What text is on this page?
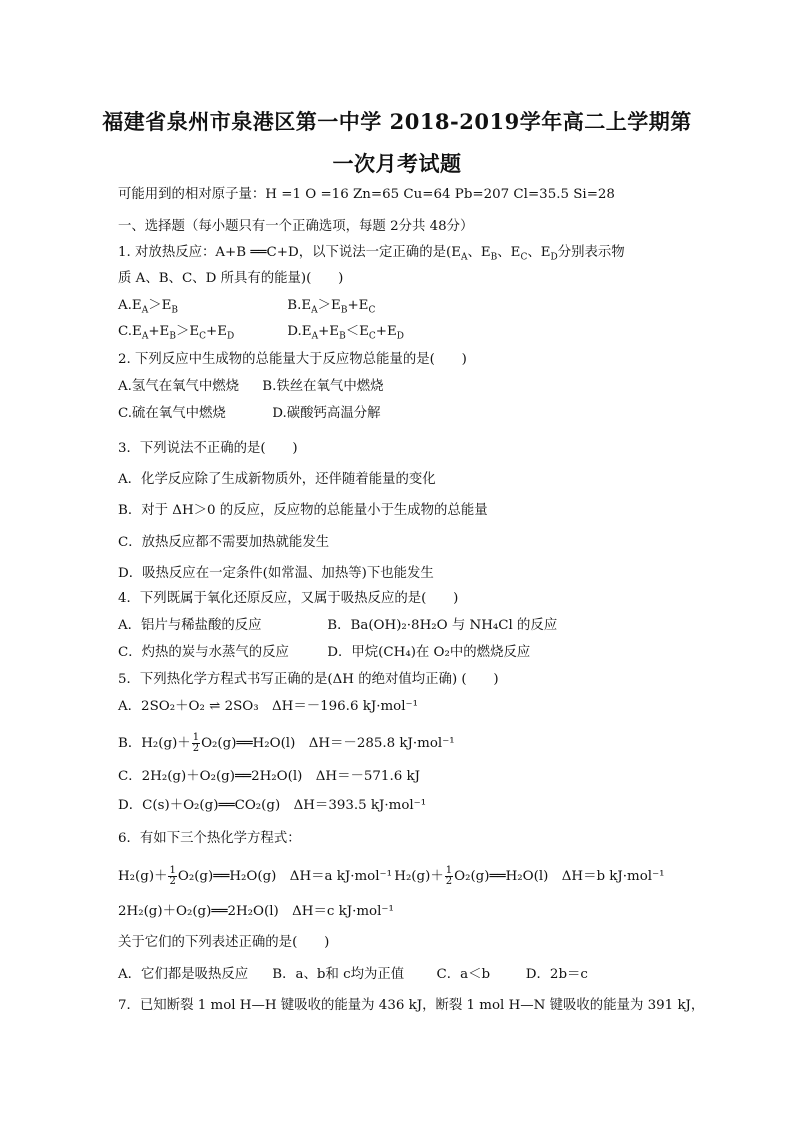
福建省泉州市泉港区第一中学 2018-2019学年高二上学期第
一次月考试题
可能用到的相对原子量：H =1 O =16 Zn=65 Cu=64 Pb=207 Cl=35.5 Si=28
一、选择题（每小题只有一个正确选项，每题 2分共 48分）
1. 对放热反应：A+B ══C+D，以下说法一定正确的是($E_A$、$E_B$、$E_C$、$E_D$分别表示物
质 A、B、C、D 所具有的能量)(　　)
$A.E_A>E_B$	$B.E_A>E_B+E_C$
$C.E_A+E_B>E_C+E_D$	$D.E_A+E_B<E_C+E_D$
2. 下列反应中生成物的总能量大于反应物总能量的是(　　)
A.氢气在氧气中燃烧 B.铁丝在氧气中燃烧
C.硫在氧气中燃烧	D.碳酸钙高温分解
3．下列说法不正确的是(　　)
A．化学反应除了生成新物质外，还伴随着能量的变化
B．对于 ΔH＞0 的反应，反应物的总能量小于生成物的总能量
C．放热反应都不需要加热就能发生
D．吸热反应在一定条件(如常温、加热等)下也能发生
4．下列既属于氧化还原反应，又属于吸热反应的是(　　)
A．铝片与稀盐酸的反应	B．Ba(OH)₂·8H₂O 与 NH₄Cl 的反应
C．灼热的炭与水蒸气的反应	D．甲烷(CH₄)在 O₂中的燃烧反应
5．下列热化学方程式书写正确的是(ΔH 的绝对值均正确) (　　)
A．2SO₂＋O₂ ⇌ 2SO₃　ΔH＝－196.6 kJ·mol⁻¹
B．$H_2(g)+ \frac{1}{2}$ O₂(g)══H₂O(l)　ΔH＝－285.8 kJ·mol⁻¹
C．2H₂(g)＋O₂(g)══2H₂O(l)　ΔH＝－571.6 kJ
D．C(s)＋O₂(g)══CO₂(g)　ΔH＝393.5 kJ·mol⁻¹
6．有如下三个热化学方程式：
$H_2(g)+ \frac{1}{2}$ O₂(g)══H₂O(g)　ΔH＝a kJ·mol⁻¹ $H_2(g)+ \frac{1}{2}$ O₂(g)══H₂O(l)　ΔH＝b kJ·mol⁻¹
2H₂(g)＋O₂(g)══2H₂O(l)　ΔH＝c kJ·mol⁻¹
关于它们的下列表述正确的是(　　)
A．它们都是吸热反应 B．a、b和 c均为正值 C．a＜b	D．2b＝c
7．已知断裂 1 mol H—H 键吸收的能量为 436 kJ，断裂 1 mol H—N 键吸收的能量为 391 kJ，
